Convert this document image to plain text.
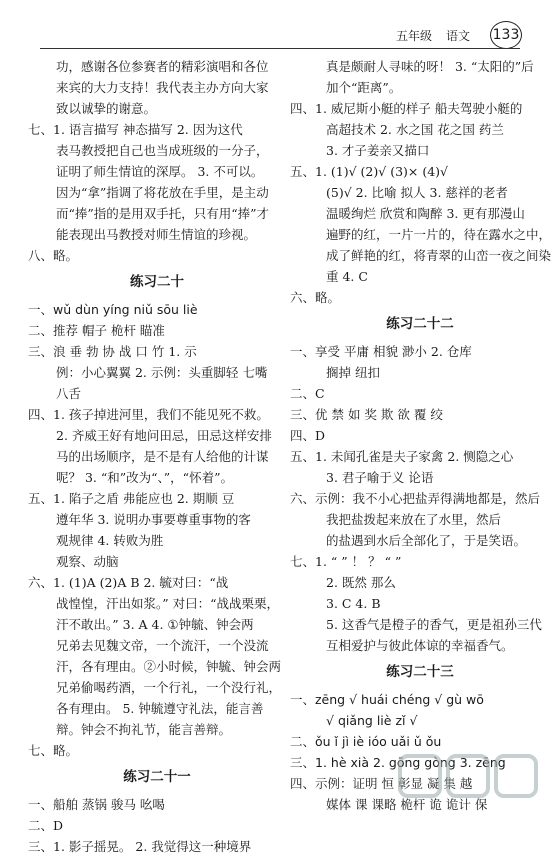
五年级 语文 133
功，感谢各位参赛者的精彩演唱和各位
来宾的大力支持！我代表主办方向大家
致以诚挚的谢意。
七、1. 语言描写 神态描写 2. 因为这代
表马教授把自己也当成班级的一分子，
证明了师生情谊的深厚。 3. 不可以。
因为“拿”指调了将花放在手里，是主动
而“捧”指的是用双手托，只有用“捧”才
能表现出马教授对师生情谊的珍视。
八、略。
练习二十
一、wǔ dùn yíng niǔ sōu liè
二、推荐 帽子 桅杆 瞄准
三、浪 垂 勃 协 战 口 竹 1. 示
例：小心翼翼 2. 示例：头重脚轻 七嘴
八舌
四、1. 孩子掉进河里，我们不能见死不救。
2. 齐威王好有地问田忌，田忌这样安排
马的出场顺序，是不是有人给他的计谋
呢？ 3. “和”改为“、”，“怀着”。
五、1. 陷子之盾 弗能应也 2. 期顺 豆
遵年华 3. 说明办事要尊重事物的客
观规律 4. 转败为胜
观察、动脑
六、1. (1)A (2)A B 2. 毓对曰：“战
战惶惶，汗出如浆。” 对曰：“战战栗栗，
汗不敢出。” 3. A 4. ①钟毓、钟会两
兄弟去见魏文帝，一个流汗，一个没流
汗，各有理由。②小时候，钟毓、钟会两
兄弟偷喝药酒，一个行礼，一个没行礼，
各有理由。 5. 钟毓遵守礼法，能言善
辩。钟会不拘礼节，能言善辩。
七、略。
练习二十一
一、船舶 蒸锅 骏马 吆喝
二、D
三、1. 影子摇晃。 2. 我觉得这一种境界
真是颇耐人寻味的呀！ 3. “太阳的”后
加个“距离”。
四、1. 威尼斯小艇的样子 船夫驾驶小艇的
高超技术 2. 水之国 花之国 药兰
3. 才子姜亲又描口
五、1. (1)√ (2)√ (3)× (4)√
(5)√ 2. 比喻 拟人 3. 慈祥的老者
温暖绚烂 欣赏和陶醉 3. 更有那漫山
遍野的红，一片一片的，待在露水之中，
成了鲜艳的红，将青翠的山峦一夜之间染
重 4. C
六、略。
练习二十二
一、享受 平庸 相貌 渺小 2. 仓库
搁掉 纽扣
二、C
三、优 禁 如 奖 欺 欲 覆 绞
四、D
五、1. 未闻孔雀是夫子家禽 2. 恻隐之心
3. 君子喻于义 论语
六、示例：我不小心把盐弄得满地都是，然后
我把盐拨起来放在了水里，然后
的盐遇到水后全部化了，于是笑语。
七、1. “ ” ！ ？ “ ”
2. 既然 那么
3. C 4. B
5. 这香气是橙子的香气，更是祖孙三代
互相爱护与彼此体谅的幸福香气。
练习二十三
一、zēng √ huái chéng √ gù wō
√ qiǎng liè zǐ √
二、ǒu ǐ jì iè ióo uǎi ǔ ǒu
三、1. hè xià 2. gōng gòng 3. zēng
四、示例：证明 恒 彰显 凝 集 越
媒体 课 课略 桅杆 诡 诡计 保
